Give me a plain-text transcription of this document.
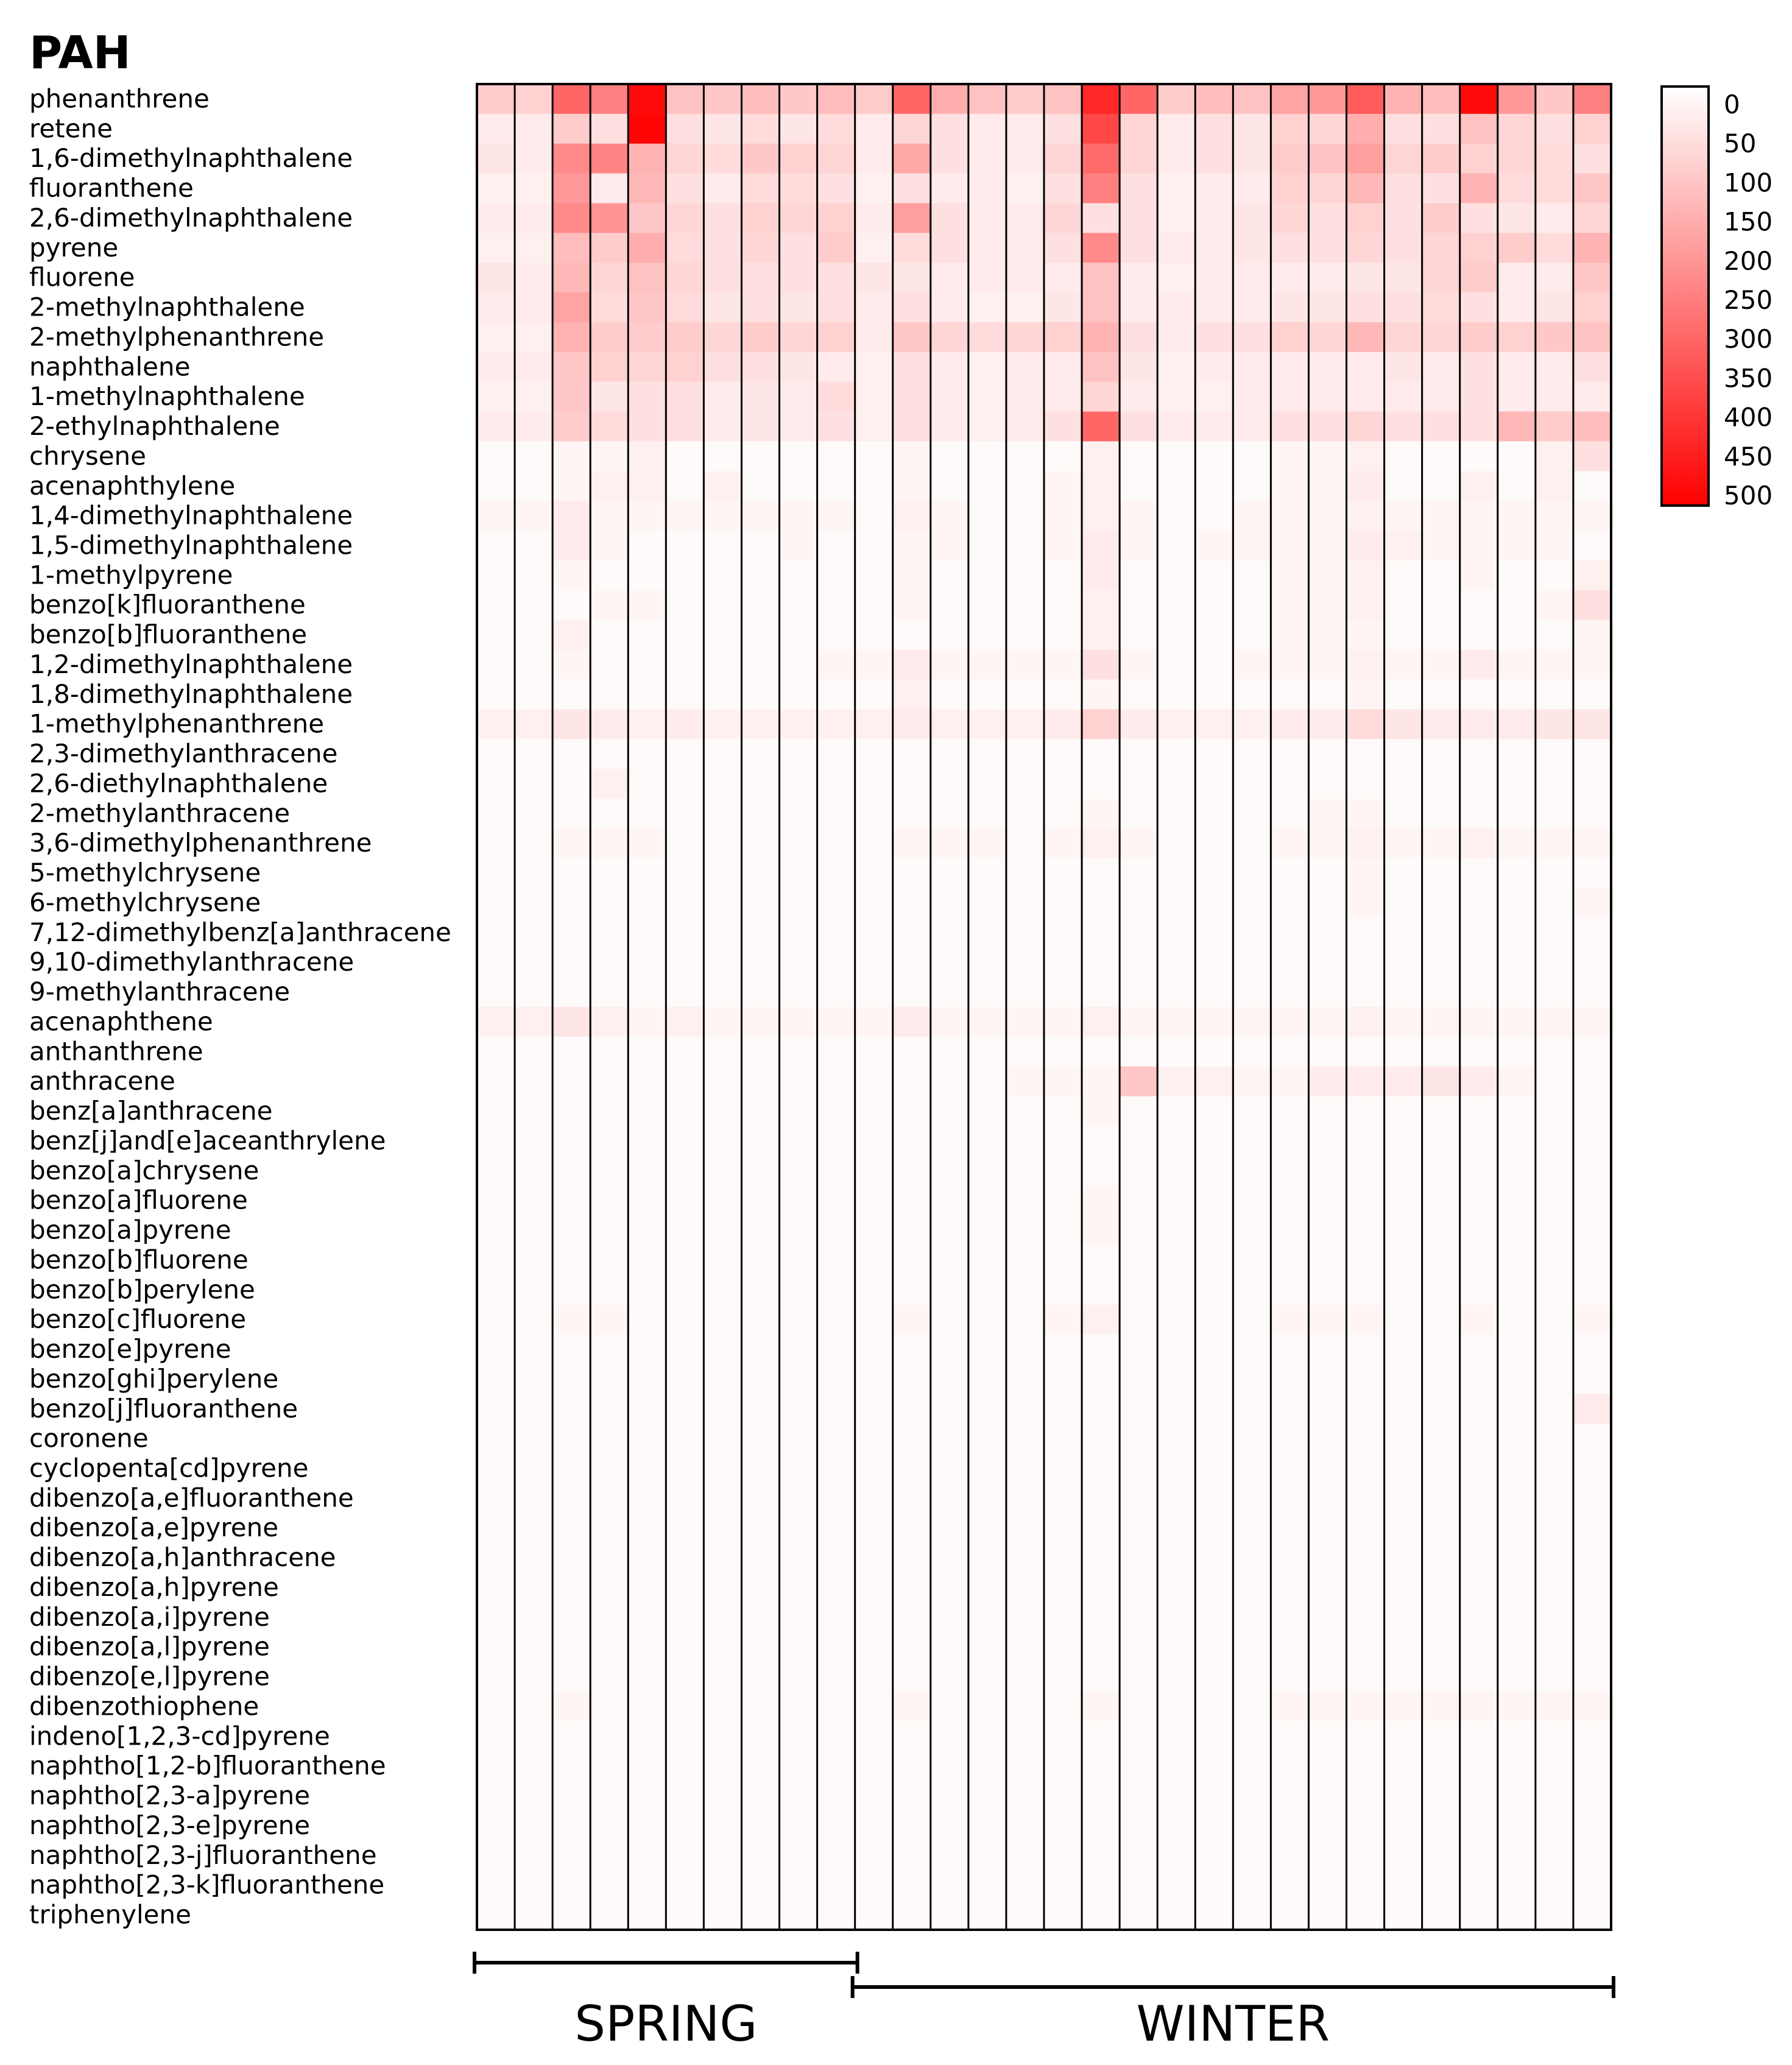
PAH
phenanthrene
retene
1,6-dimethylnaphthalene
fluoranthene
2,6-dimethylnaphthalene
pyrene
fluorene
2-methylnaphthalene
2-methylphenanthrene
naphthalene
1-methylnaphthalene
2-ethylnaphthalene
chrysene
acenaphthylene
1,4-dimethylnaphthalene
1,5-dimethylnaphthalene
1-methylpyrene
benzo[k]fluoranthene
benzo[b]fluoranthene
1,2-dimethylnaphthalene
1,8-dimethylnaphthalene
1-methylphenanthrene
2,3-dimethylanthracene
2,6-diethylnaphthalene
2-methylanthracene
3,6-dimethylphenanthrene
5-methylchrysene
6-methylchrysene
7,12-dimethylbenz[a]anthracene
9,10-dimethylanthracene
9-methylanthracene
acenaphthene
anthanthrene
anthracene
benz[a]anthracene
benz[j]and[e]aceanthrylene
benzo[a]chrysene
benzo[a]fluorene
benzo[a]pyrene
benzo[b]fluorene
benzo[b]perylene
benzo[c]fluorene
benzo[e]pyrene
benzo[ghi]perylene
benzo[j]fluoranthene
coronene
cyclopenta[cd]pyrene
dibenzo[a,e]fluoranthene
dibenzo[a,e]pyrene
dibenzo[a,h]anthracene
dibenzo[a,h]pyrene
dibenzo[a,i]pyrene
dibenzo[a,l]pyrene
dibenzo[e,l]pyrene
dibenzothiophene
indeno[1,2,3-cd]pyrene
naphtho[1,2-b]fluoranthene
naphtho[2,3-a]pyrene
naphtho[2,3-e]pyrene
naphtho[2,3-j]fluoranthene
naphtho[2,3-k]fluoranthene
triphenylene
0
50
100
150
200
250
300
350
400
450
500
SPRING	WINTER
